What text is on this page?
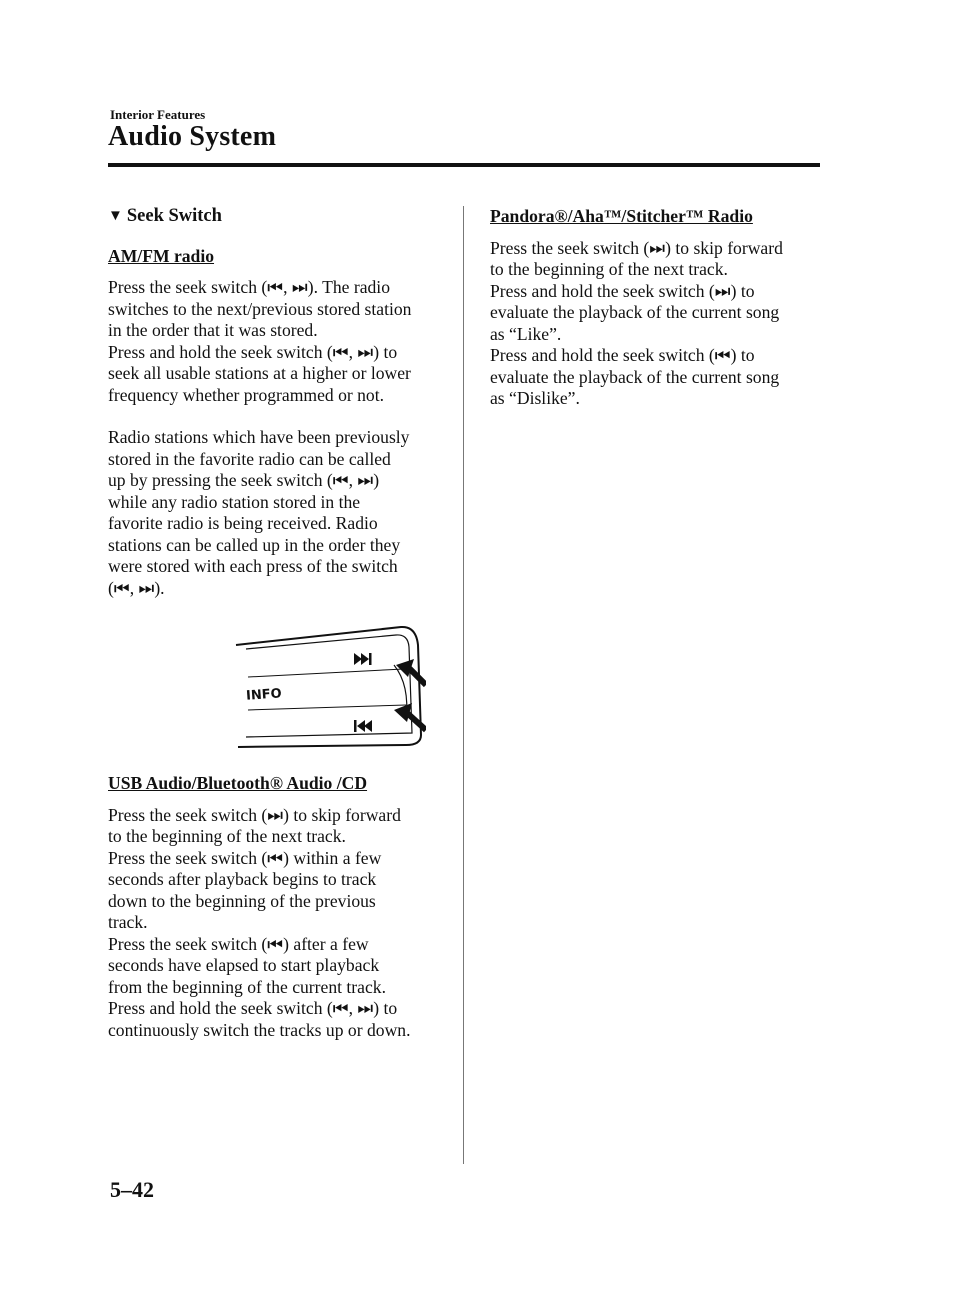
Interior Features
Audio System
▼ Seek Switch
AM/FM radio

Press the seek switch (⏮, ⏭). The radio

switches to the next/previous stored station

in the order that it was stored.

Press and hold the seek switch (⏮, ⏭) to

seek all usable stations at a higher or lower

frequency whether programmed or not.

Radio stations which have been previously

stored in the favorite radio can be called

up by pressing the seek switch (⏮, ⏭)

while any radio station stored in the

favorite radio is being received. Radio

stations can be called up in the order they

were stored with each press of the switch

(⏮, ⏭).

INFO
USB Audio/Bluetooth® Audio /CD

Press the seek switch (⏭) to skip forward

to the beginning of the next track.

Press the seek switch (⏮) within a few

seconds after playback begins to track

down to the beginning of the previous

track.

Press the seek switch (⏮) after a few

seconds have elapsed to start playback

from the beginning of the current track.

Press and hold the seek switch (⏮, ⏭) to

continuously switch the tracks up or down.

Pandora®/Aha™/Stitcher™ Radio

Press the seek switch (⏭) to skip forward

to the beginning of the next track.

Press and hold the seek switch (⏭) to

evaluate the playback of the current song

as “Like”.

Press and hold the seek switch (⏮) to

evaluate the playback of the current song

as “Dislike”.

5–42
